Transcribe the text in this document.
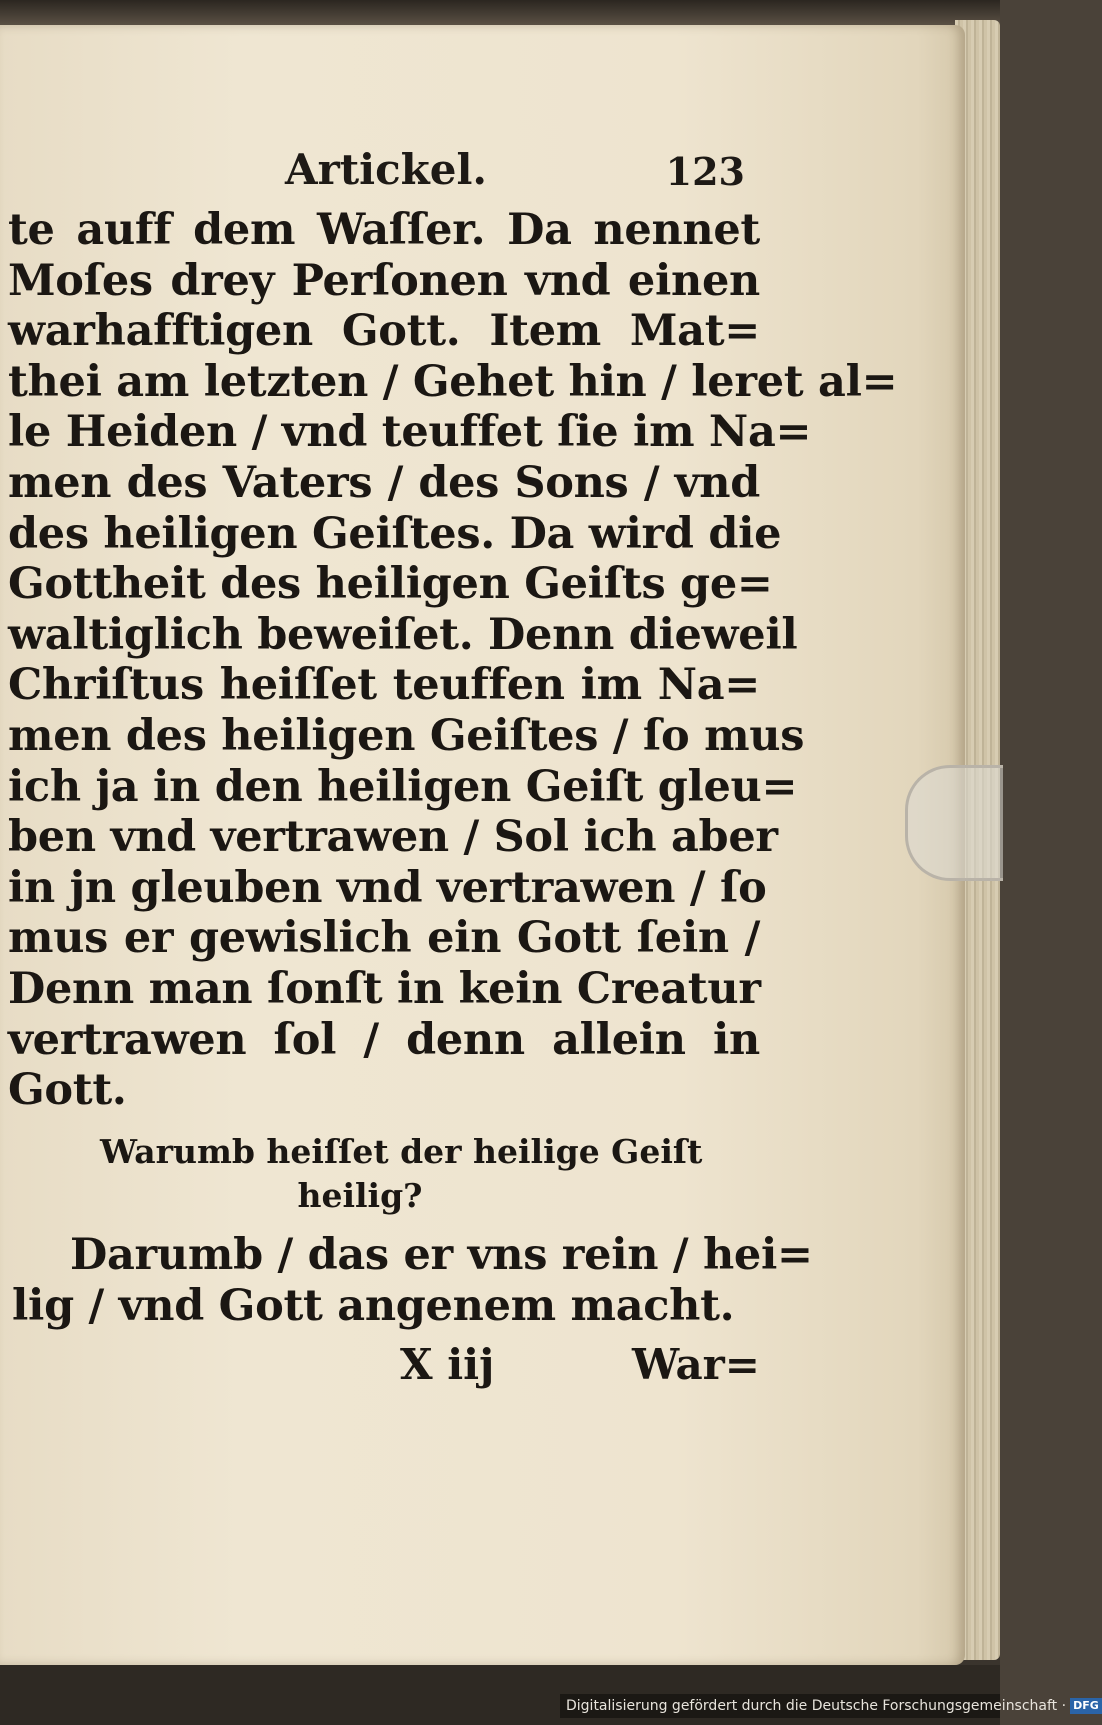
Artickel.	123
te auff dem Waſſer. Da nennet
Moſes drey Perſonen vnd einen
warhafftigen Gott. Item Mat=
thei am letzten / Gehet hin / leret al=
le Heiden / vnd teuffet ſie im Na=
men des Vaters / des Sons / vnd
des heiligen Geiſtes. Da wird die
Gottheit des heiligen Geiſts ge=
waltiglich beweiſet. Denn dieweil
Chriſtus heiſſet teuffen im Na=
men des heiligen Geiſtes / ſo mus
ich ja in den heiligen Geiſt gleu=
ben vnd vertrawen / Sol ich aber
in jn gleuben vnd vertrawen / ſo
mus er gewislich ein Gott ſein /
Denn man ſonſt in kein Creatur
vertrawen ſol / denn allein in
Gott.
Warumb heiſſet der heilige Geiſt
heilig?
Darumb / das er vns rein / hei=
lig / vnd Gott angenem macht.
X iij	War=
Digitalisierung gefördert durch die Deutsche Forschungsgemeinschaft · DFG
